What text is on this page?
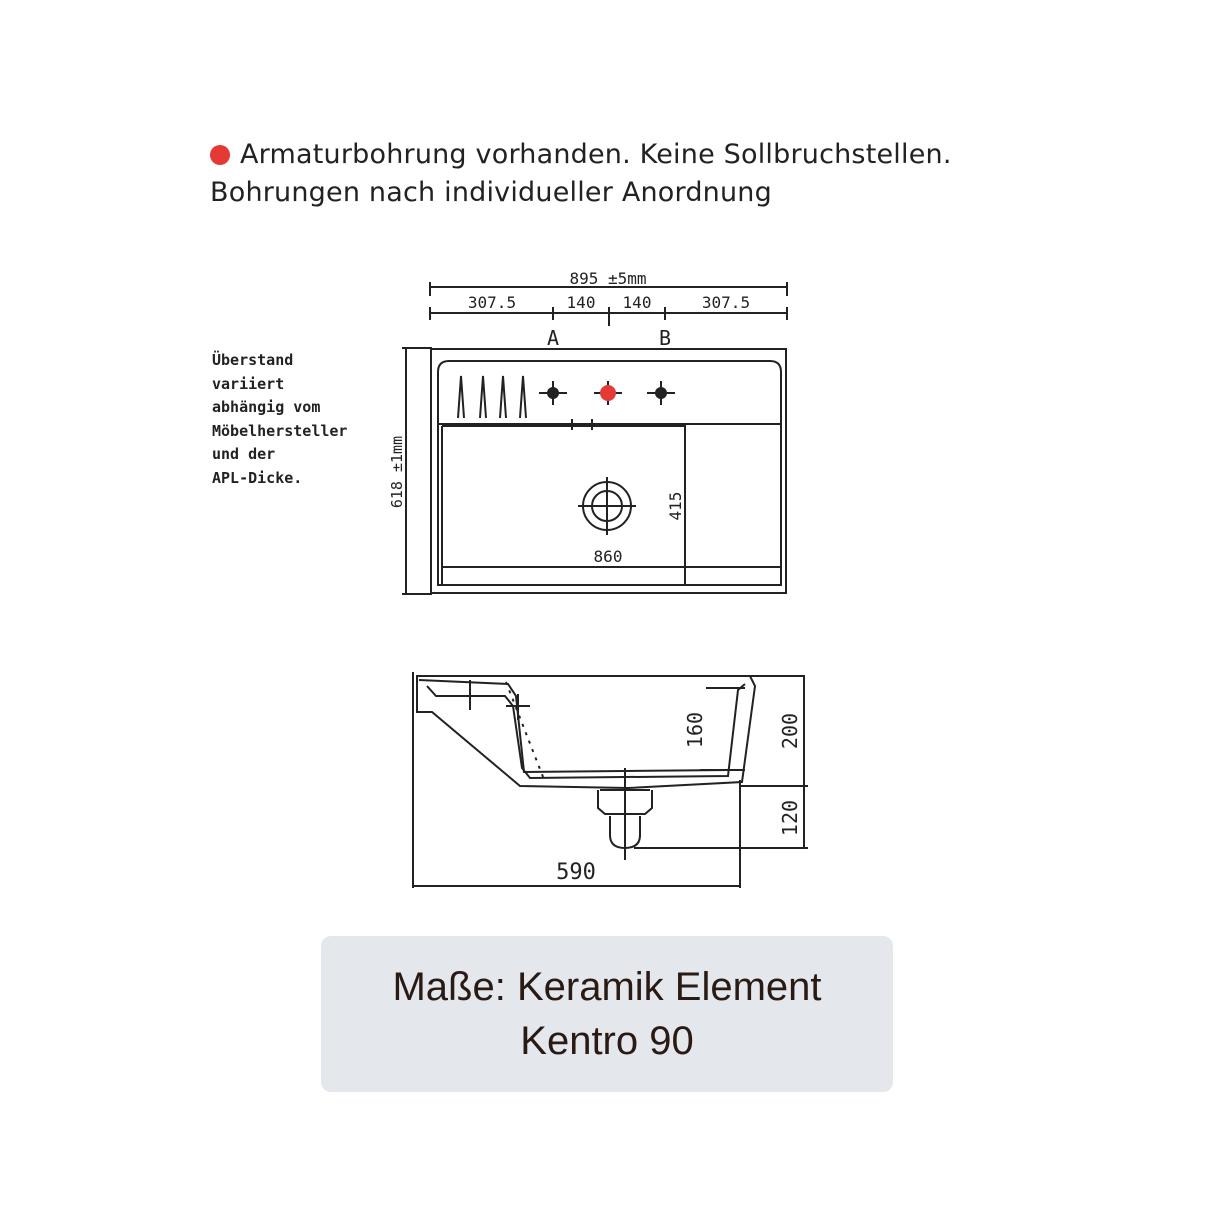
Armaturbohrung vorhanden. Keine Sollbruchstellen.
Bohrungen nach individueller Anordnung
Überstand
variiert
abhängig vom
Möbelhersteller
und der
APL-Dicke.
895 ±5mm
307.5	140 140	307.5
A	B
618 ±1mm	415
860
160	200
120
590
Maße: Keramik Element
Kentro 90
